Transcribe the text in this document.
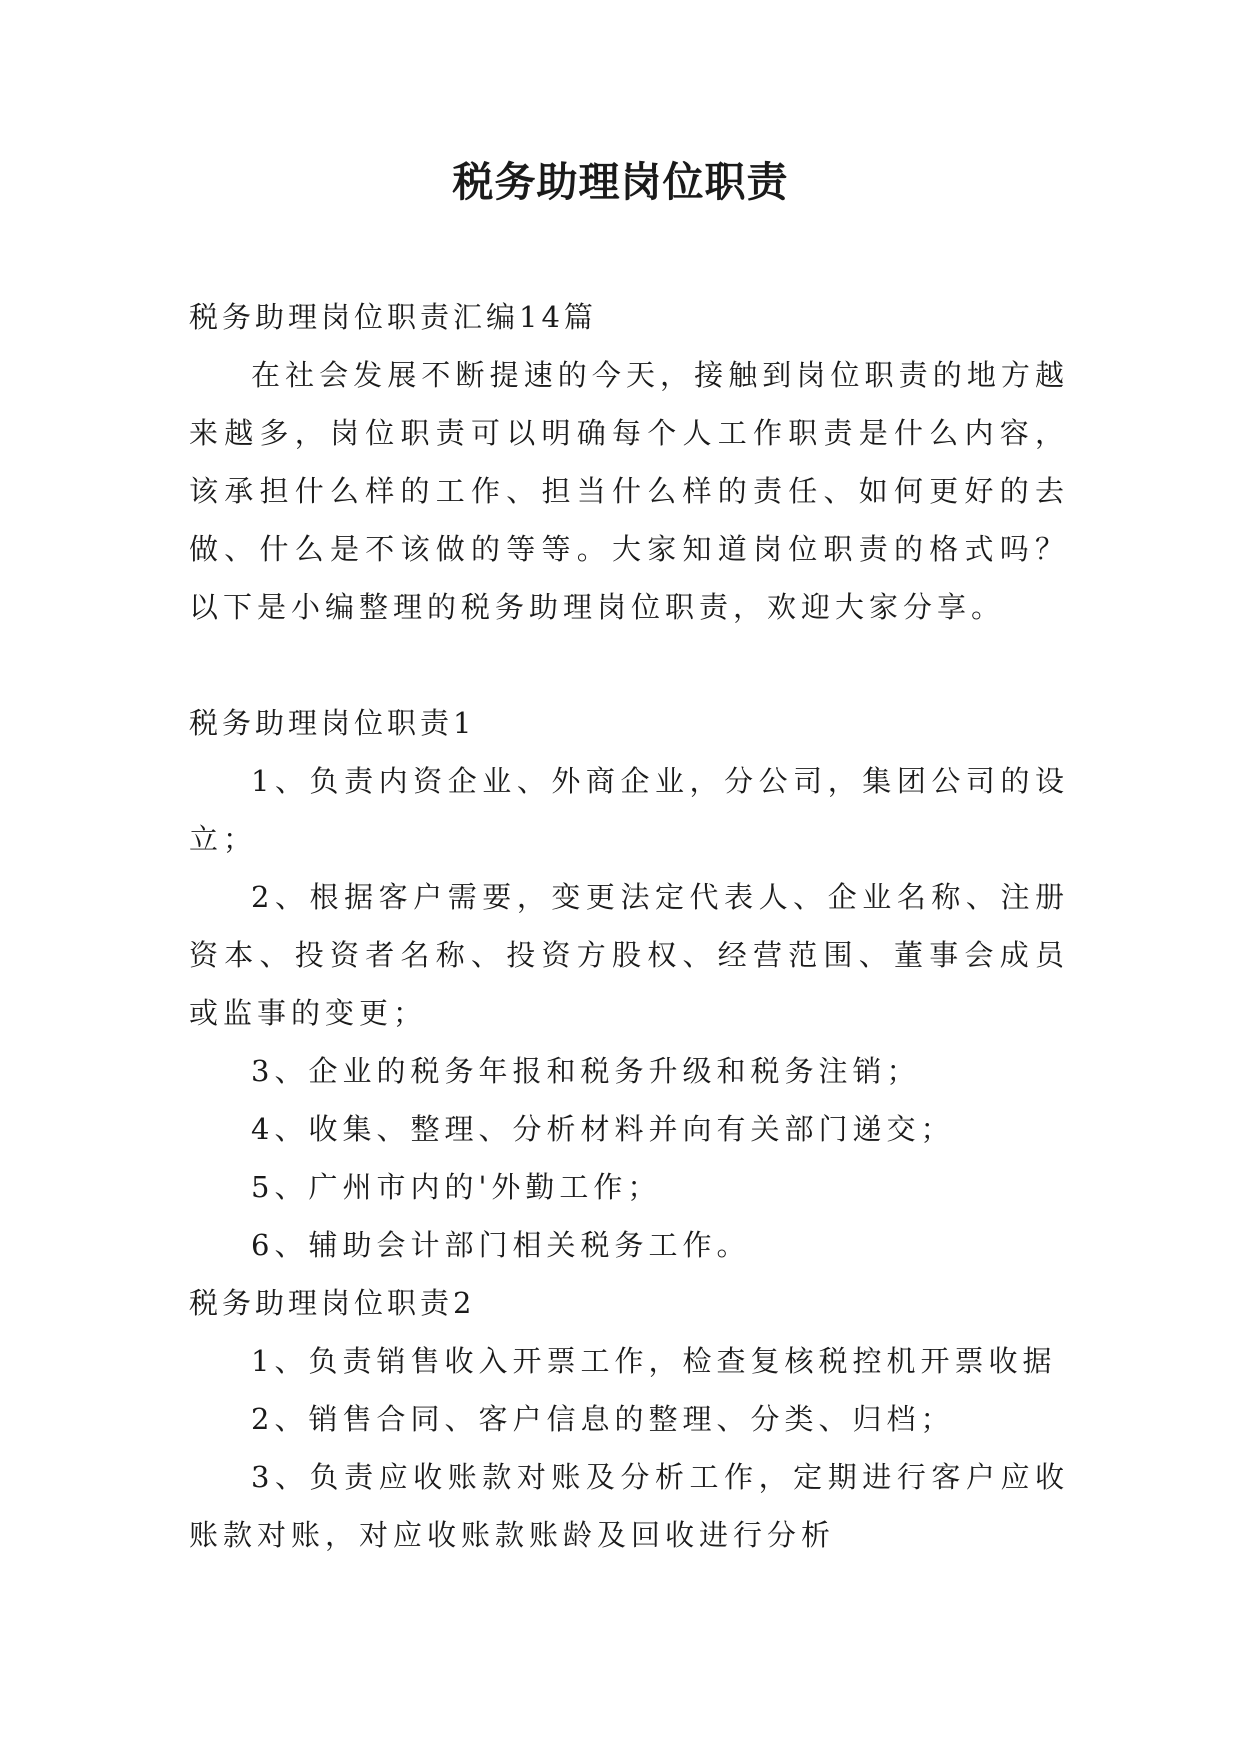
税务助理岗位职责

税务助理岗位职责汇编14篇

在社会发展不断提速的今天，接触到岗位职责的地方越来越多，岗位职责可以明确每个人工作职责是什么内容，该承担什么样的工作、担当什么样的责任、如何更好的去做、什么是不该做的等等。大家知道岗位职责的格式吗？以下是小编整理的税务助理岗位职责，欢迎大家分享。

税务助理岗位职责1

1、负责内资企业、外商企业，分公司，集团公司的设立；

2、根据客户需要，变更法定代表人、企业名称、注册资本、投资者名称、投资方股权、经营范围、董事会成员或监事的变更；

3、企业的税务年报和税务升级和税务注销；

4、收集、整理、分析材料并向有关部门递交；

5、广州市内的'外勤工作；

6、辅助会计部门相关税务工作。

税务助理岗位职责2

1、负责销售收入开票工作，检查复核税控机开票收据

2、销售合同、客户信息的整理、分类、归档；

3、负责应收账款对账及分析工作，定期进行客户应收账款对账，对应收账款账龄及回收进行分析
